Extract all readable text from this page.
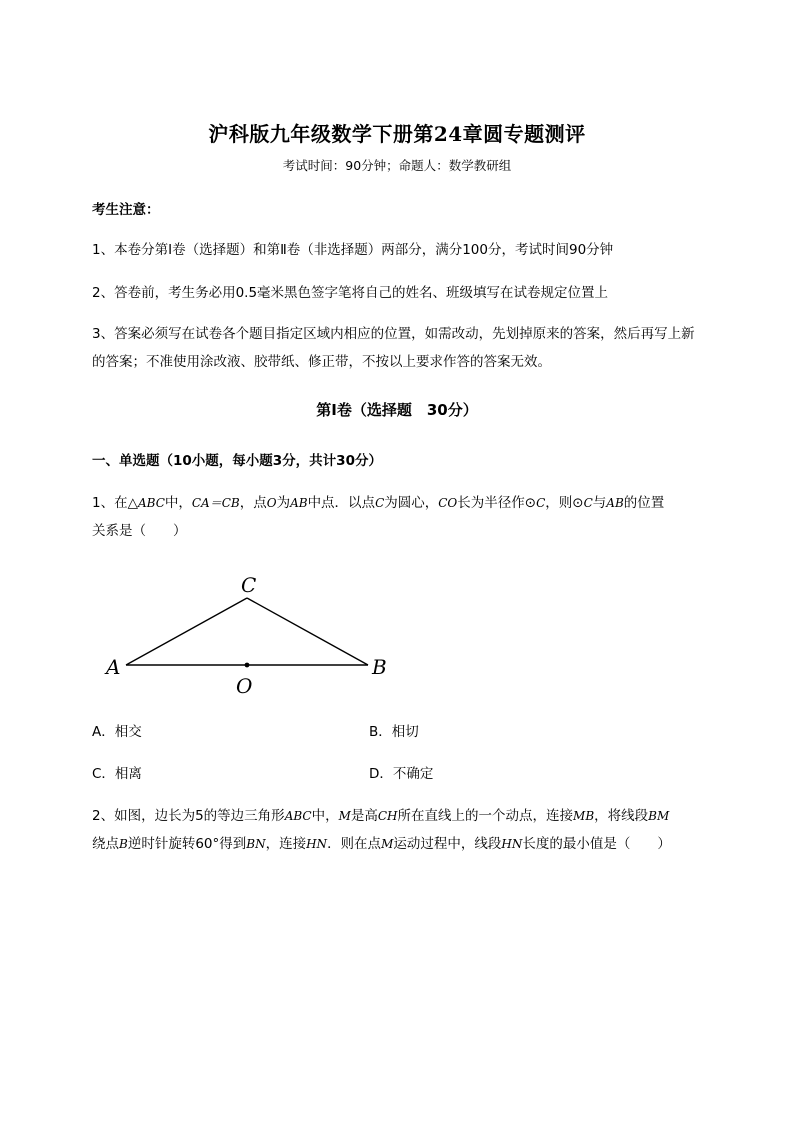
沪科版九年级数学下册第24章圆专题测评
考试时间：90分钟；命题人：数学教研组
考生注意：
1、本卷分第I卷（选择题）和第Ⅱ卷（非选择题）两部分，满分100分，考试时间90分钟
2、答卷前，考生务必用0.5毫米黑色签字笔将自己的姓名、班级填写在试卷规定位置上
3、答案必须写在试卷各个题目指定区域内相应的位置，如需改动，先划掉原来的答案，然后再写上新
的答案；不准使用涂改液、胶带纸、修正带，不按以上要求作答的答案无效。
第I卷（选择题　30分）
一、单选题（10小题，每小题3分，共计30分）
1、在△ABC中，CA＝CB，点O为AB中点．以点C为圆心，CO长为半径作⊙C，则⊙C与AB的位置
关系是（　　）
A	B
C
O
A．相交	B．相切
C．相离	D．不确定
2、如图，边长为5的等边三角形ABC中，M是高CH所在直线上的一个动点，连接MB，将线段BM
绕点B逆时针旋转60°得到BN，连接HN．则在点M运动过程中，线段HN长度的最小值是（　　）
